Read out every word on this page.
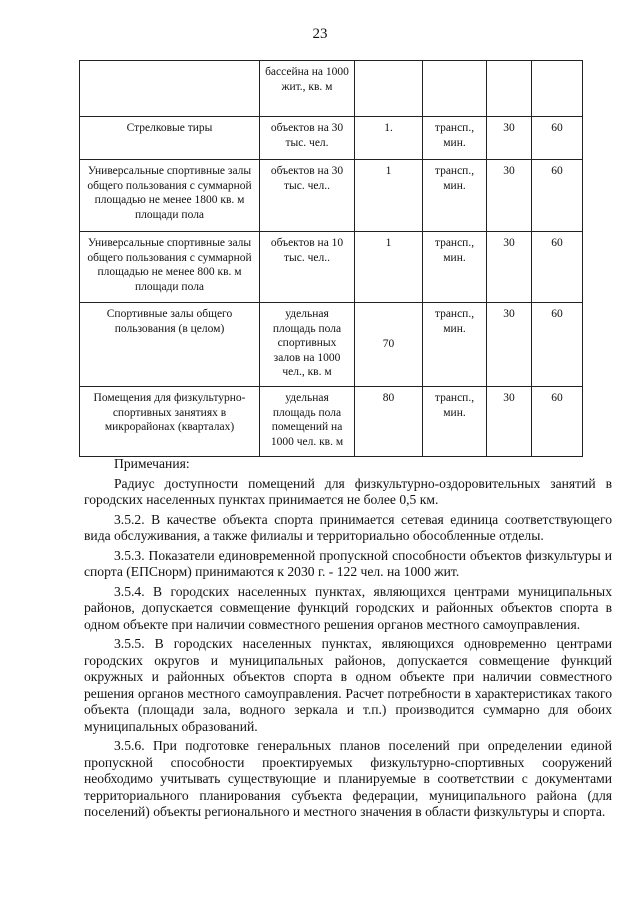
23
	бассейна на 1000 жит., кв. м				
Стрелковые тиры	объектов на 30 тыс. чел.	1.	трансп., мин.	30	60
Универсальные спортивные залы общего пользования с суммарной площадью не менее 1800 кв. м площади пола	объектов на 30 тыс. чел..	1	трансп., мин.	30	60
Универсальные спортивные залы общего пользования с суммарной площадью не менее 800 кв. м площади пола	объектов на 10 тыс. чел..	1	трансп., мин.	30	60
Спортивные залы общего пользования (в целом)	удельная площадь пола спортивных залов на 1000 чел., кв. м	70	трансп., мин.	30	60
Помещения для физкультурно-спортивных занятиях в микрорайонах (кварталах)	удельная площадь пола помещений на 1000 чел. кв. м	80	трансп., мин.	30	60

Примечания:

Радиус доступности помещений для физкультурно-оздоровительных занятий в городских населенных пунктах принимается не более 0,5 км.

3.5.2. В качестве объекта спорта принимается сетевая единица соответствующего вида обслуживания, а также филиалы и территориально обособленные отделы.

3.5.3. Показатели единовременной пропускной способности объектов физкультуры и спорта (ЕПСнорм) принимаются к 2030 г. - 122 чел. на 1000 жит.

3.5.4. В городских населенных пунктах, являющихся центрами муниципальных районов, допускается совмещение функций городских и районных объектов спорта в одном объекте при наличии совместного решения органов местного самоуправления.

3.5.5. В городских населенных пунктах, являющихся одновременно центрами городских округов и муниципальных районов, допускается совмещение функций окружных и районных объектов спорта в одном объекте при наличии совместного решения органов местного самоуправления. Расчет потребности в характеристиках такого объекта (площади зала, водного зеркала и т.п.) производится суммарно для обоих муниципальных образований.

3.5.6. При подготовке генеральных планов поселений при определении единой пропускной способности проектируемых физкультурно-спортивных сооружений необходимо учитывать существующие и планируемые в соответствии с документами территориального планирования субъекта федерации, муниципального района (для поселений) объекты регионального и местного значения в области физкультуры и спорта.
